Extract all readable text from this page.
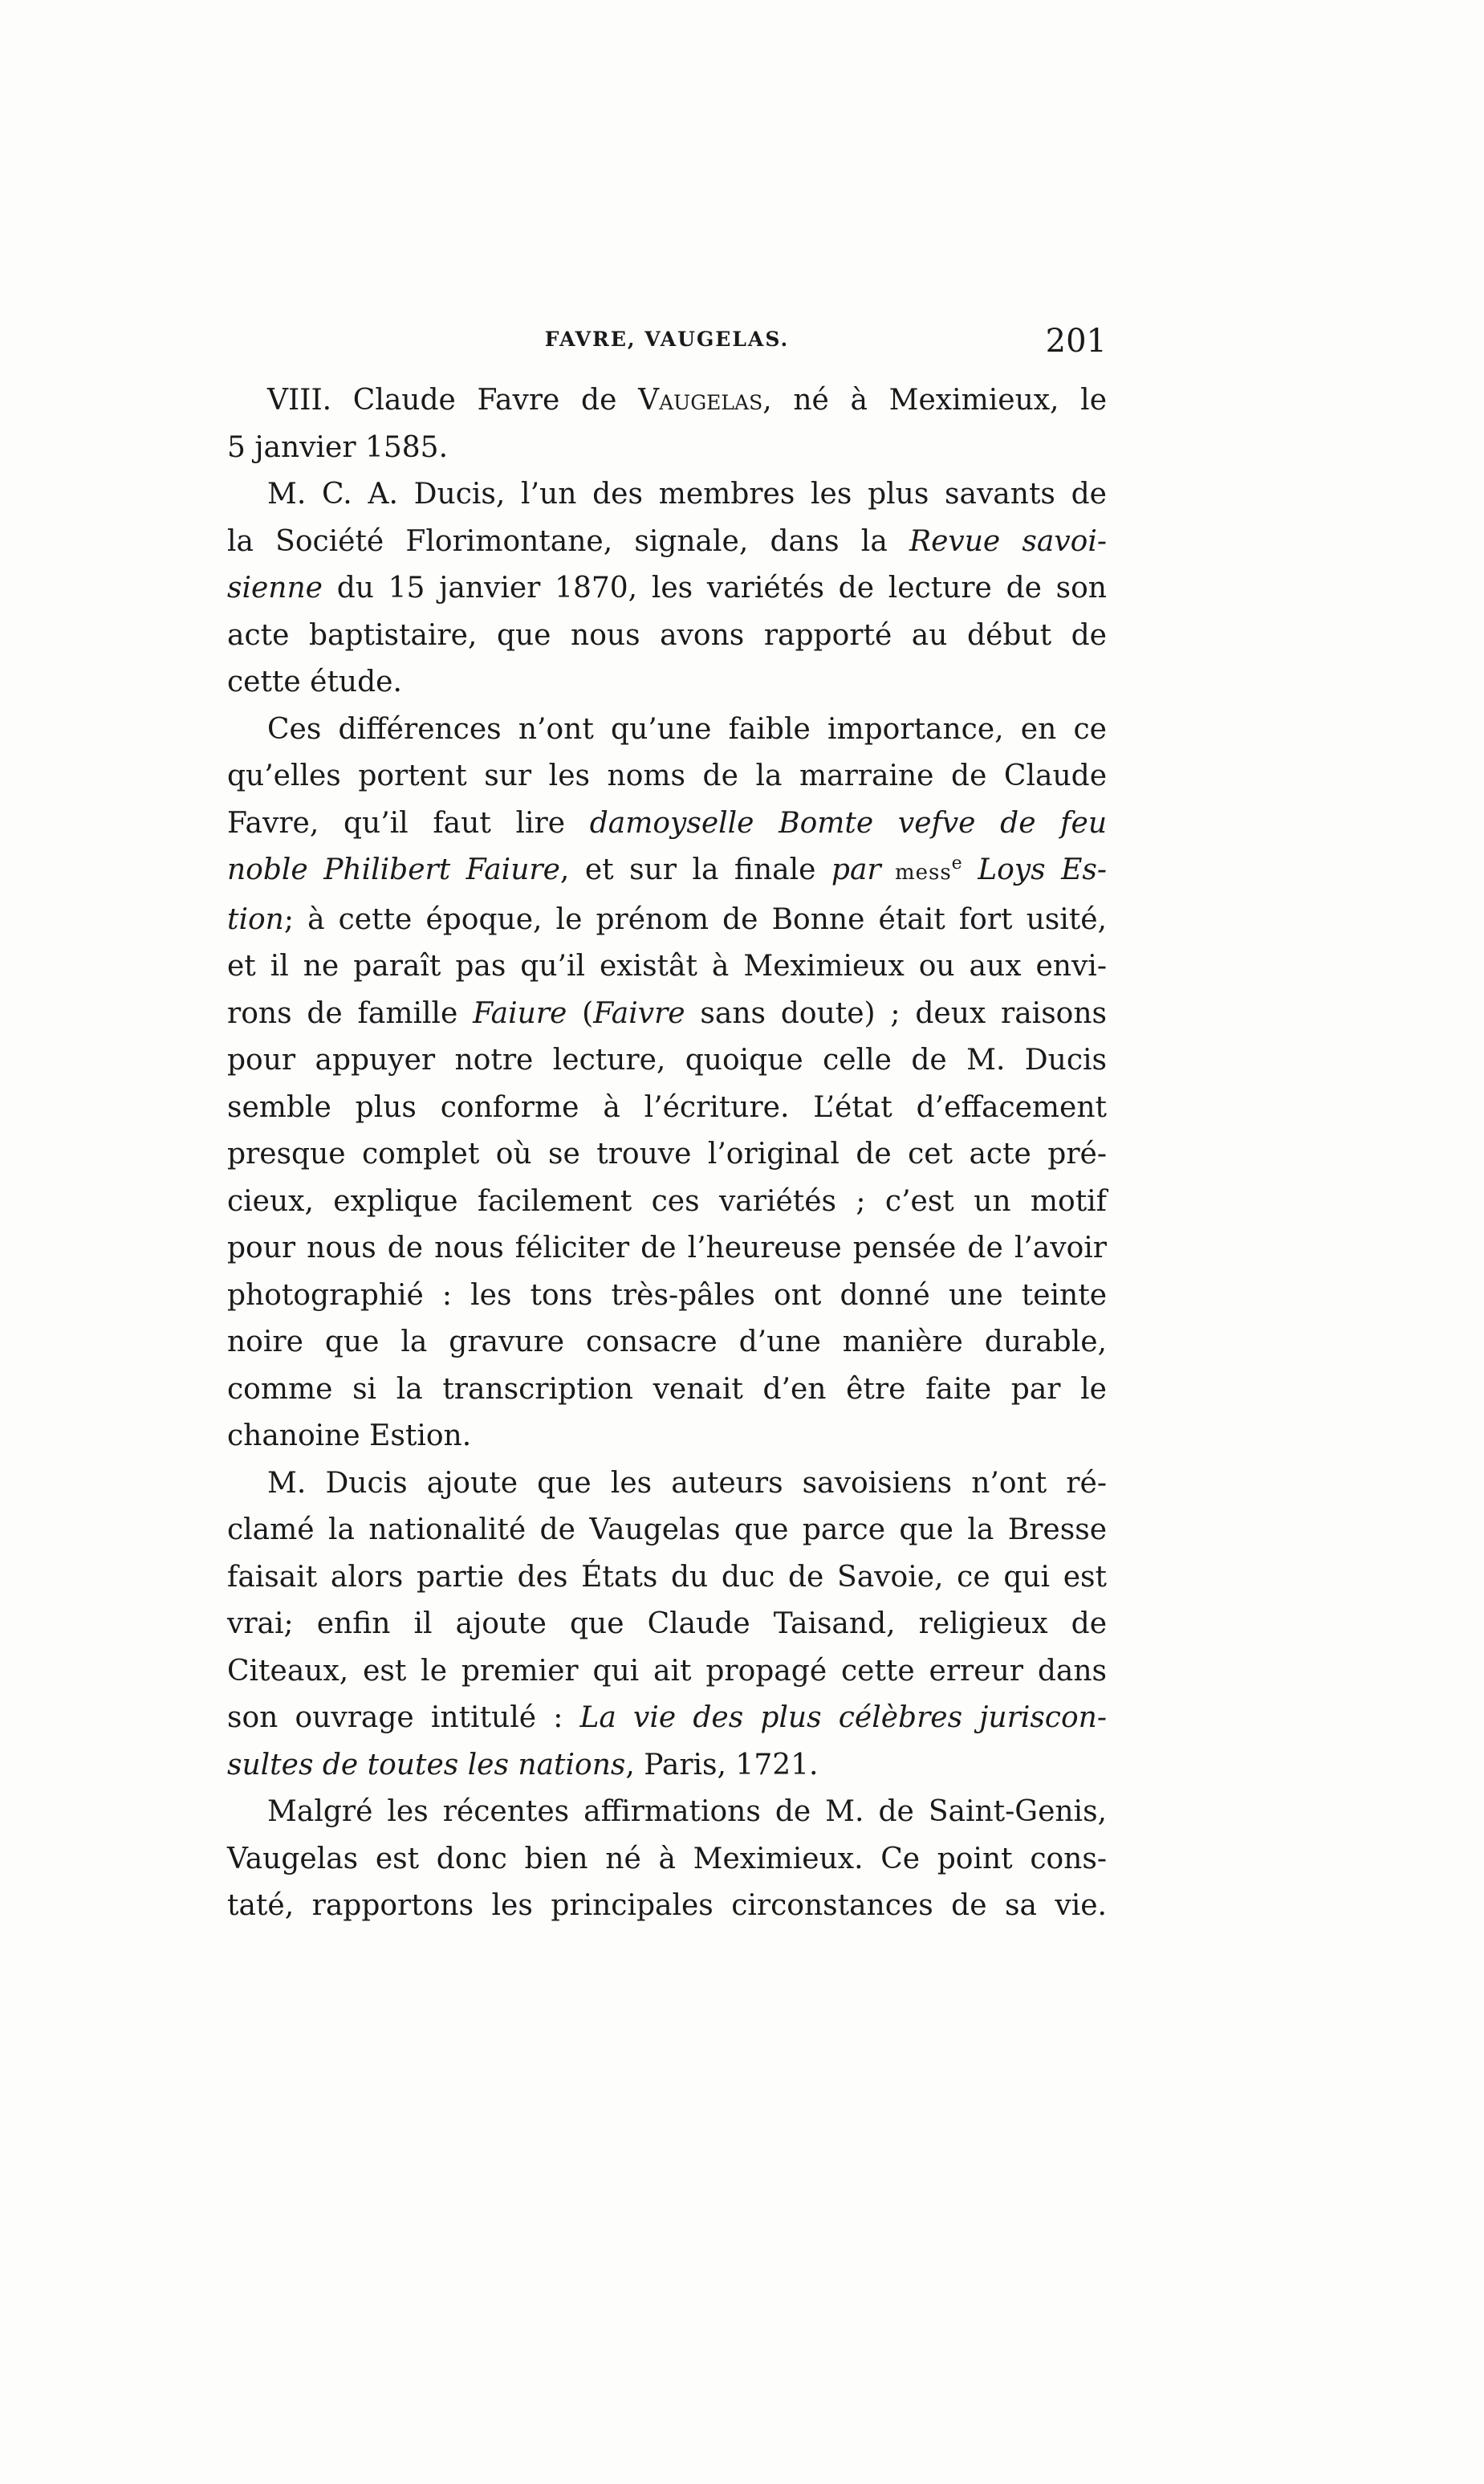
FAVRE, VAUGELAS.	201
VIII. Claude Favre de Vaugelas, né à Meximieux, le
5 janvier 1585.
M. C. A. Ducis, l’un des membres les plus savants de
la Société Florimontane, signale, dans la Revue savoi-
sienne du 15 janvier 1870, les variétés de lecture de son
acte baptistaire, que nous avons rapporté au début de
cette étude.
Ces différences n’ont qu’une faible importance, en ce
qu’elles portent sur les noms de la marraine de Claude
Favre, qu’il faut lire damoyselle Bomte vefve de feu
noble Philibert Faiure, et sur la finale par mess$^e$ Loys Es-
tion; à cette époque, le prénom de Bonne était fort usité,
et il ne paraît pas qu’il existât à Meximieux ou aux envi-
rons de famille Faiure (Faivre sans doute) ; deux raisons
pour appuyer notre lecture, quoique celle de M. Ducis
semble plus conforme à l’écriture. L’état d’effacement
presque complet où se trouve l’original de cet acte pré-
cieux, explique facilement ces variétés ; c’est un motif
pour nous de nous féliciter de l’heureuse pensée de l’avoir
photographié : les tons très-pâles ont donné une teinte
noire que la gravure consacre d’une manière durable,
comme si la transcription venait d’en être faite par le
chanoine Estion.
M. Ducis ajoute que les auteurs savoisiens n’ont ré-
clamé la nationalité de Vaugelas que parce que la Bresse
faisait alors partie des États du duc de Savoie, ce qui est
vrai; enfin il ajoute que Claude Taisand, religieux de
Citeaux, est le premier qui ait propagé cette erreur dans
son ouvrage intitulé : La vie des plus célèbres juriscon-
sultes de toutes les nations, Paris, 1721.
Malgré les récentes affirmations de M. de Saint-Genis,
Vaugelas est donc bien né à Meximieux. Ce point cons-
taté, rapportons les principales circonstances de sa vie.
